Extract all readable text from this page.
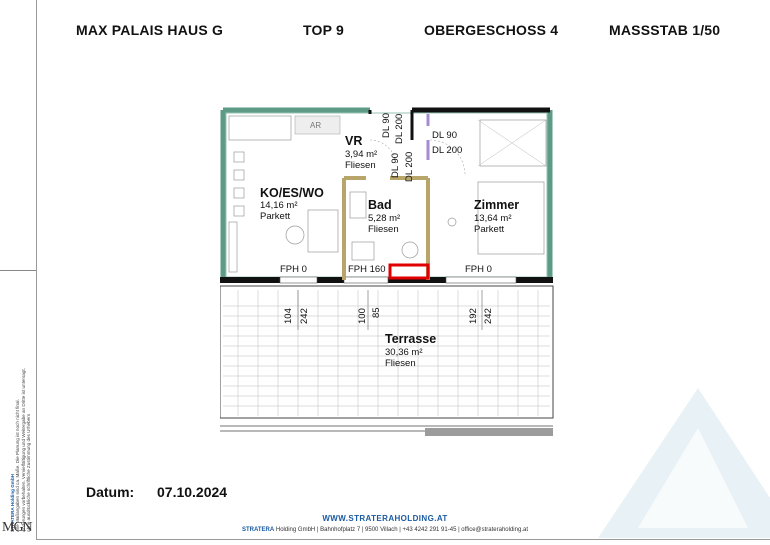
MAX PALAIS HAUS G	TOP 9	OBERGESCHOSS 4	MASSSTAB 1/50
AR
VR
3,94 m²
Fliesen
KO/ES/WO
14,16 m²
Parkett
Bad
5,28 m²
Fliesen
Zimmer
13,64 m²
Parkett
Terrasse
30,36 m²
Fliesen
DL 90 DL 200
DL 90 DL 200
DL 90
DL 200
FPH 0	FPH 160	FPH 0
104 242	100 85	192 242
STRATERA Holding GmbH
Alle Maßangaben sind ca. Maße. Die Planung ist noch nicht final.
Änderungen vorbehalten. Vervielfältigung und Weitergabe an Dritte ist untersagt.
ohne ausdrückliche schriftliche Zustimmung des Urhebers
MGN
Datum: 07.10.2024
WWW.STRATERAHOLDING.AT
STRATERA Holding GmbH | Bahnhofplatz 7 | 9500 Villach | +43 4242 291 91-45 | office@strateraholding.at
